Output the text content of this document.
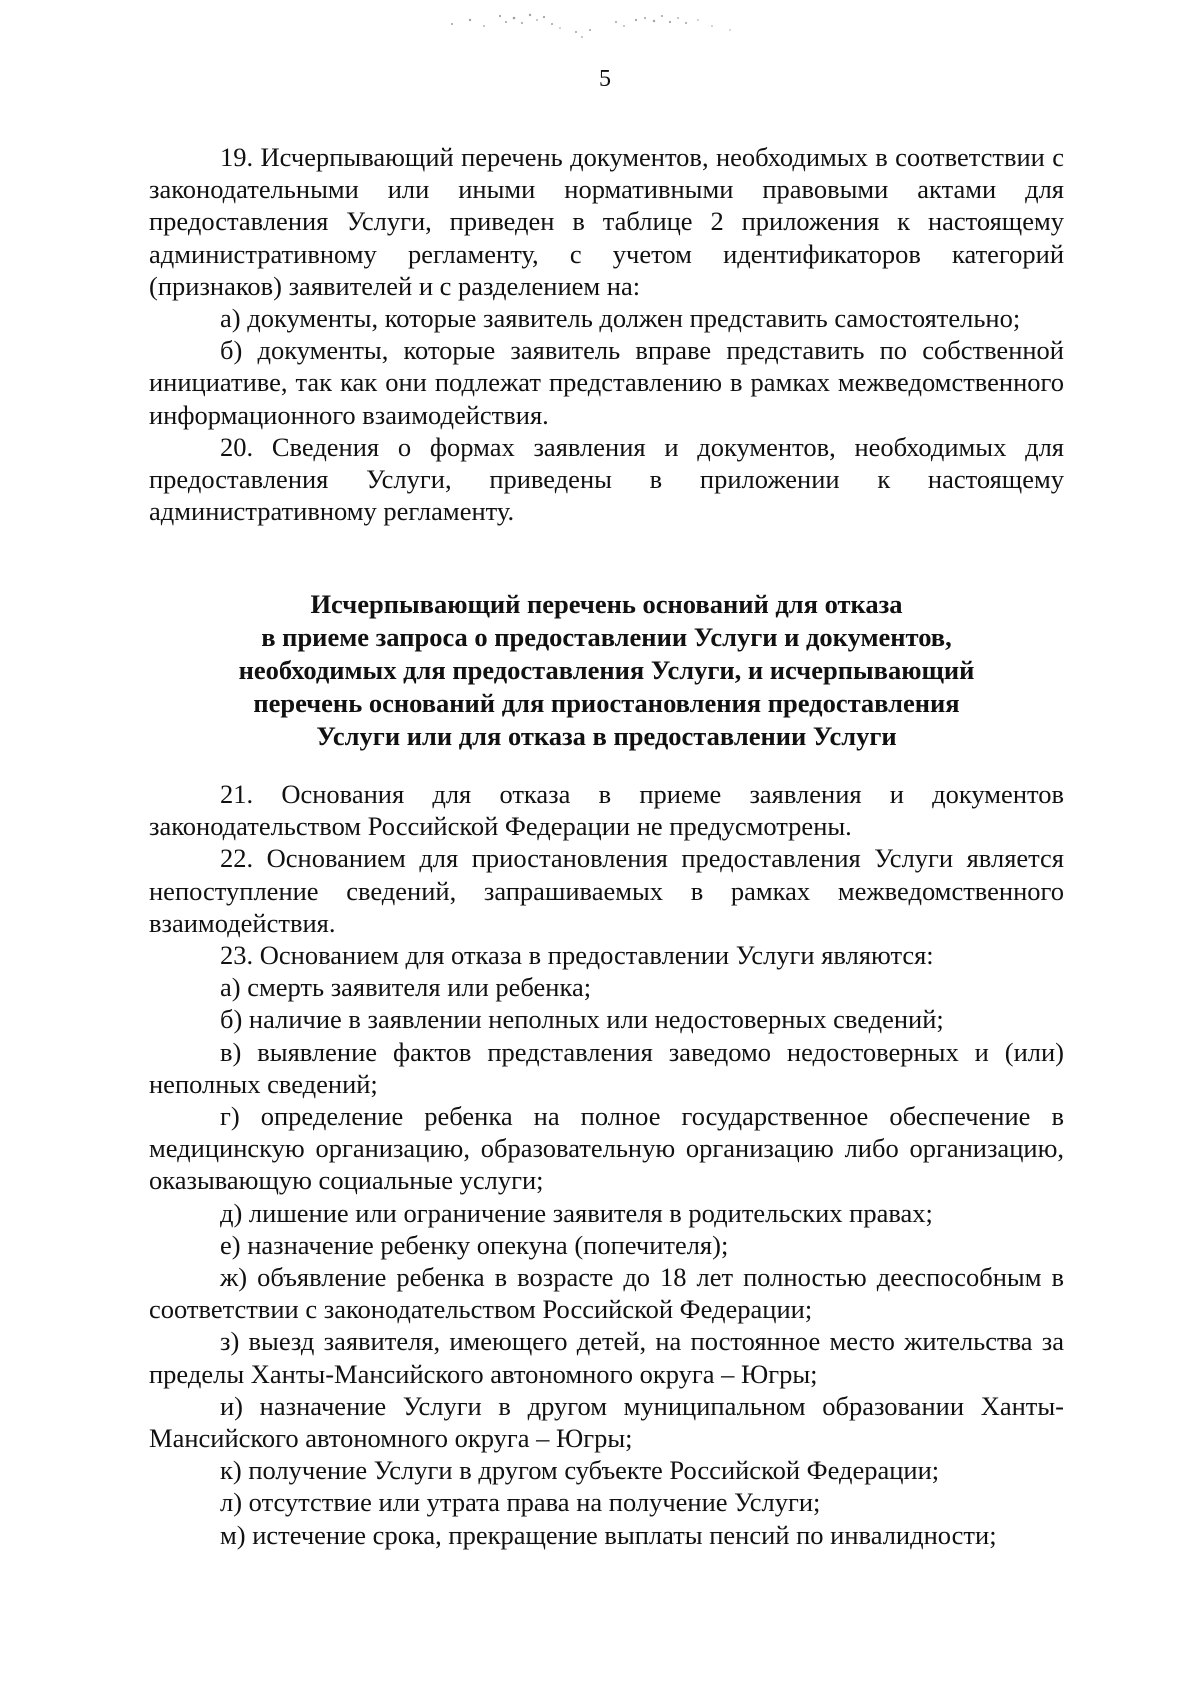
5

19. Исчерпывающий перечень документов, необходимых в соответствии с законодательными или иными нормативными правовыми актами для предоставления Услуги, приведен в таблице 2 приложения к настоящему административному регламенту, с учетом идентификаторов категорий (признаков) заявителей и с разделением на:

а) документы, которые заявитель должен представить самостоятельно;

б) документы, которые заявитель вправе представить по собственной инициативе, так как они подлежат представлению в рамках межведомственного информационного взаимодействия.

20. Сведения о формах заявления и документов, необходимых для предоставления Услуги, приведены в приложении к настоящему административному регламенту.

Исчерпывающий перечень оснований для отказа
в приеме запроса о предоставлении Услуги и документов,
необходимых для предоставления Услуги, и исчерпывающий
перечень оснований для приостановления предоставления
Услуги или для отказа в предоставлении Услуги

21. Основания для отказа в приеме заявления и документов законодательством Российской Федерации не предусмотрены.

22. Основанием для приостановления предоставления Услуги является непоступление сведений, запрашиваемых в рамках межведомственного взаимодействия.

23. Основанием для отказа в предоставлении Услуги являются:

а) смерть заявителя или ребенка;

б) наличие в заявлении неполных или недостоверных сведений;

в) выявление фактов представления заведомо недостоверных и (или) неполных сведений;

г) определение ребенка на полное государственное обеспечение в медицинскую организацию, образовательную организацию либо организацию, оказывающую социальные услуги;

д) лишение или ограничение заявителя в родительских правах;

е) назначение ребенку опекуна (попечителя);

ж) объявление ребенка в возрасте до 18 лет полностью дееспособным в соответствии с законодательством Российской Федерации;

з) выезд заявителя, имеющего детей, на постоянное место жительства за пределы Ханты-Мансийского автономного округа – Югры;

и) назначение Услуги в другом муниципальном образовании Ханты-Мансийского автономного округа – Югры;

к) получение Услуги в другом субъекте Российской Федерации;

л) отсутствие или утрата права на получение Услуги;

м) истечение срока, прекращение выплаты пенсий по инвалидности;
